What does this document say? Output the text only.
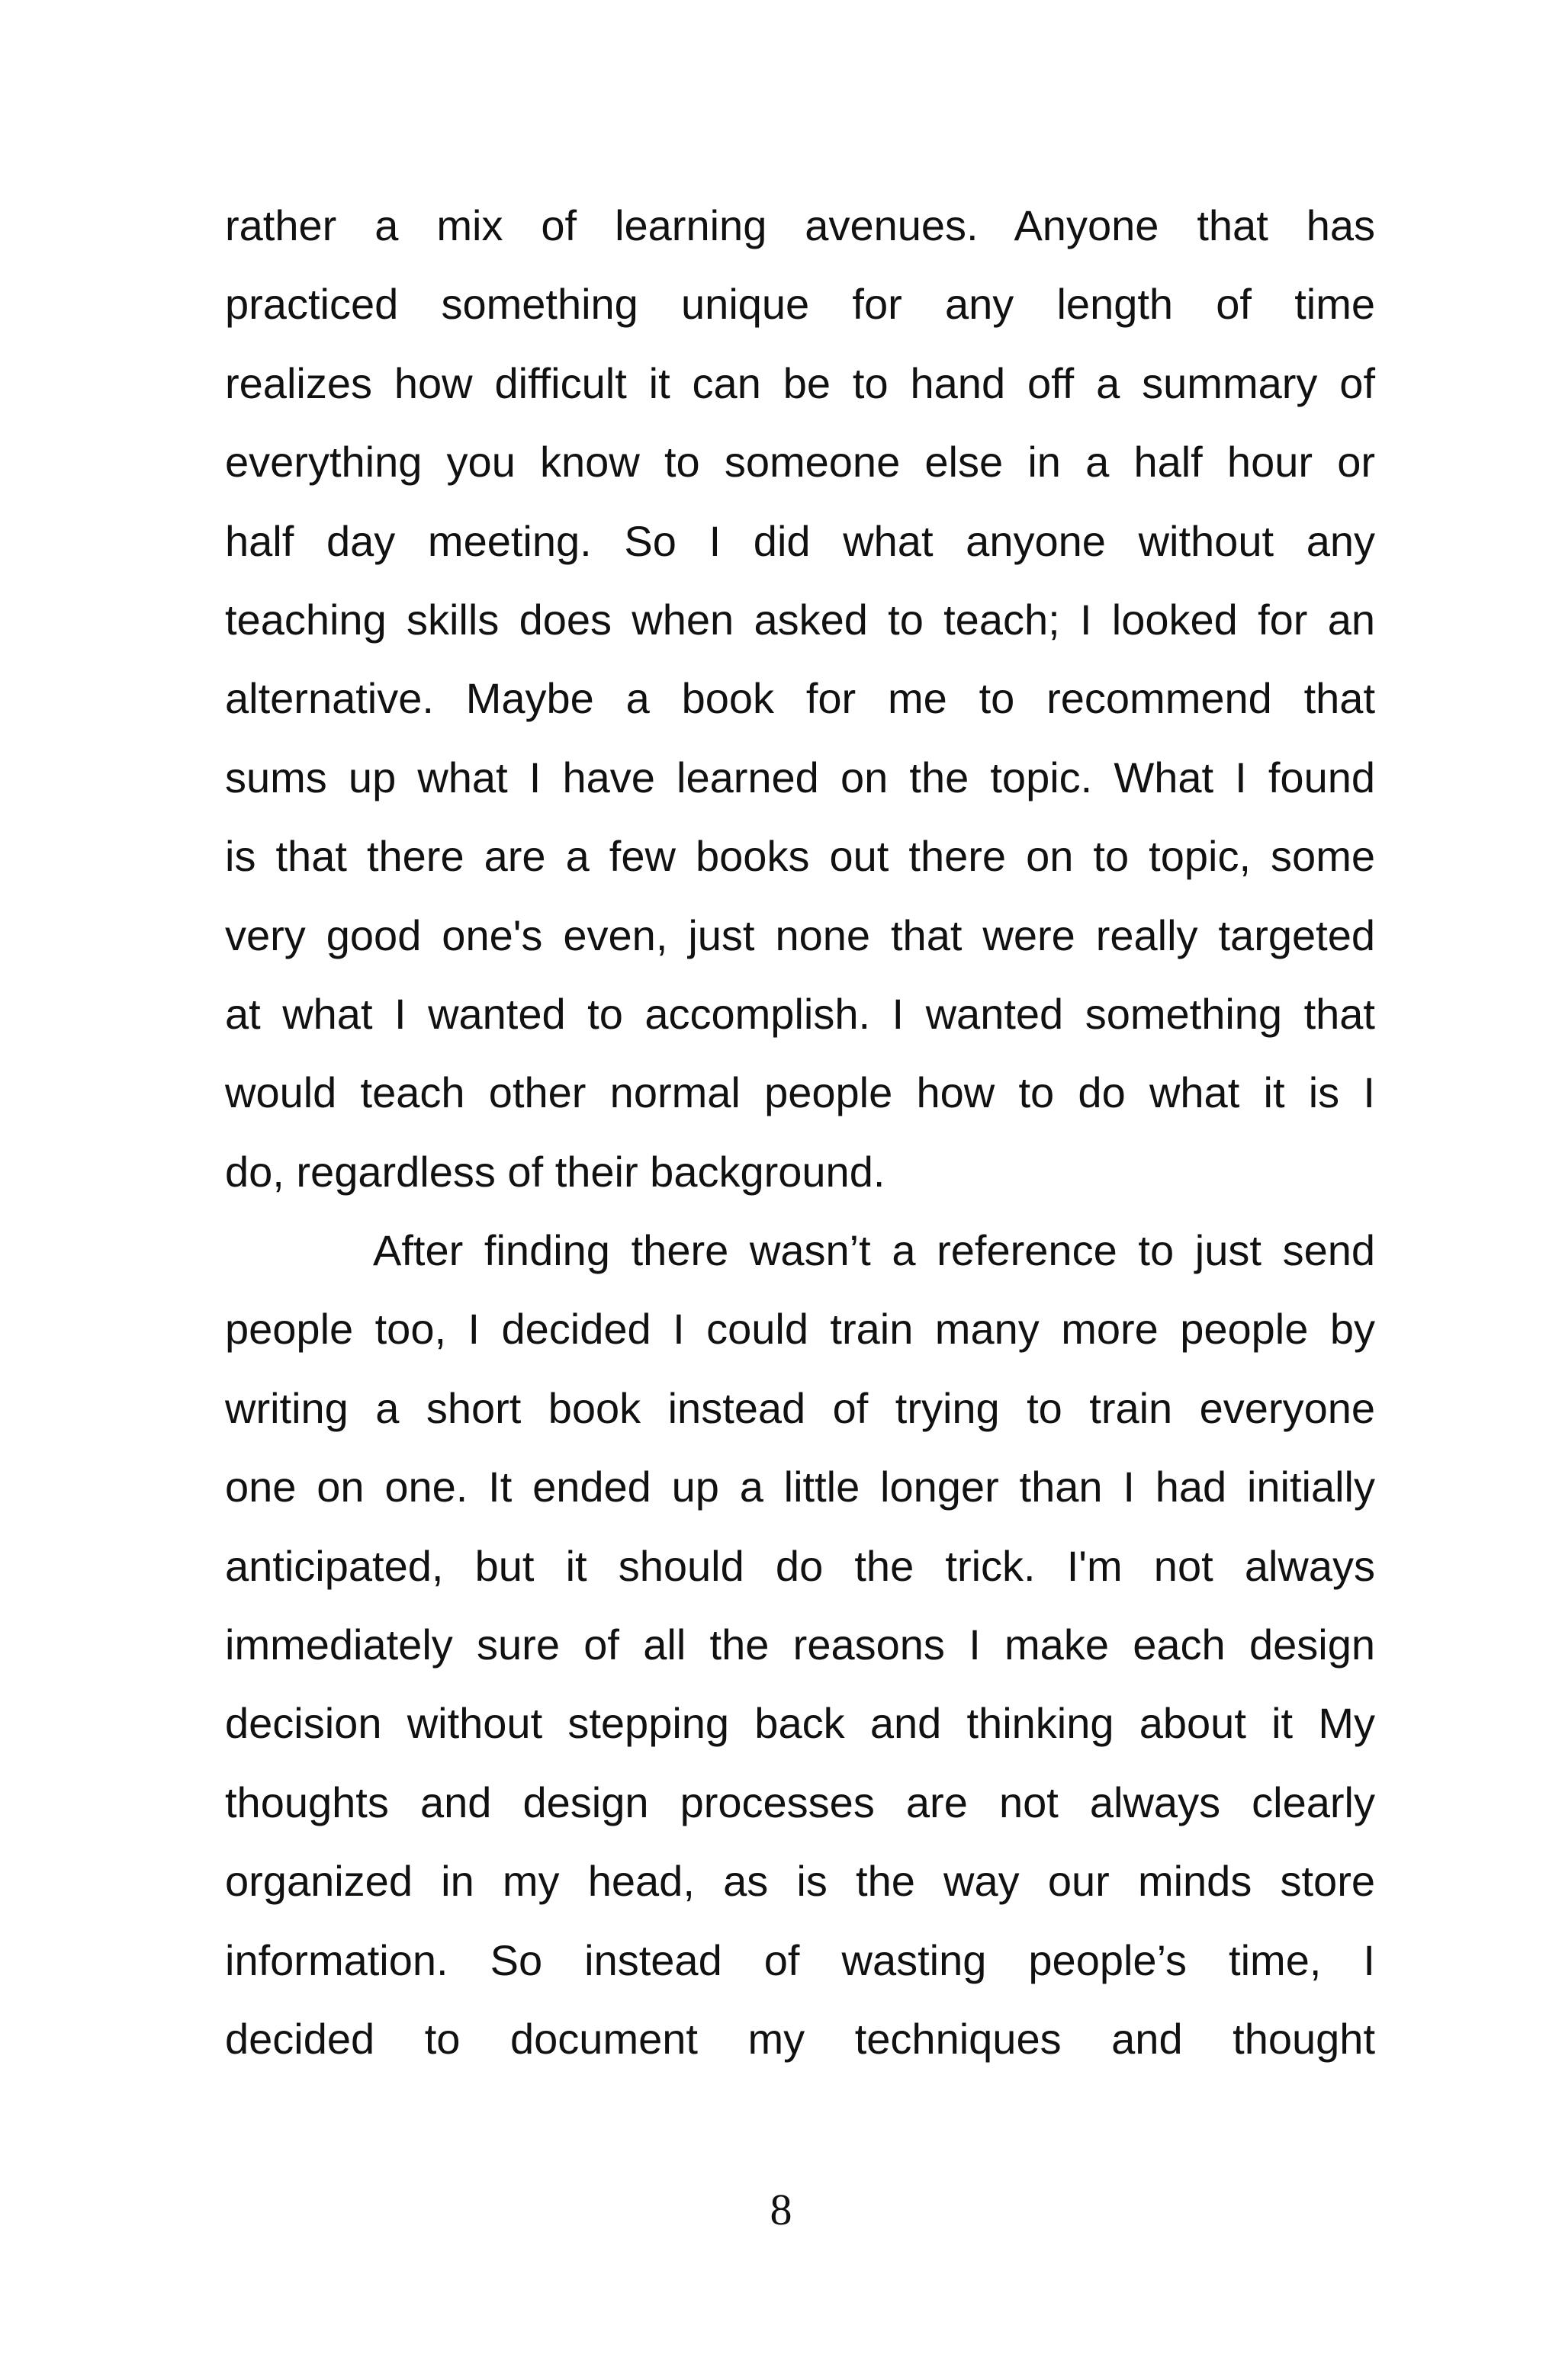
rather a mix of learning avenues. Anyone that has
practiced something unique for any length of time
realizes how difficult it can be to hand off a summary of
everything you know to someone else in a half hour or
half day meeting. So I did what anyone without any
teaching skills does when asked to teach; I looked for an
alternative. Maybe a book for me to recommend that
sums up what I have learned on the topic. What I found
is that there are a few books out there on to topic, some
very good one's even, just none that were really targeted
at what I wanted to accomplish. I wanted something that
would teach other normal people how to do what it is I
do, regardless of their background.
After finding there wasn’t a reference to just send
people too, I decided I could train many more people by
writing a short book instead of trying to train everyone
one on one. It ended up a little longer than I had initially
anticipated, but it should do the trick. I'm not always
immediately sure of all the reasons I make each design
decision without stepping back and thinking about it My
thoughts and design processes are not always clearly
organized in my head, as is the way our minds store
information. So instead of wasting people’s time, I
decided to document my techniques and thought
8
